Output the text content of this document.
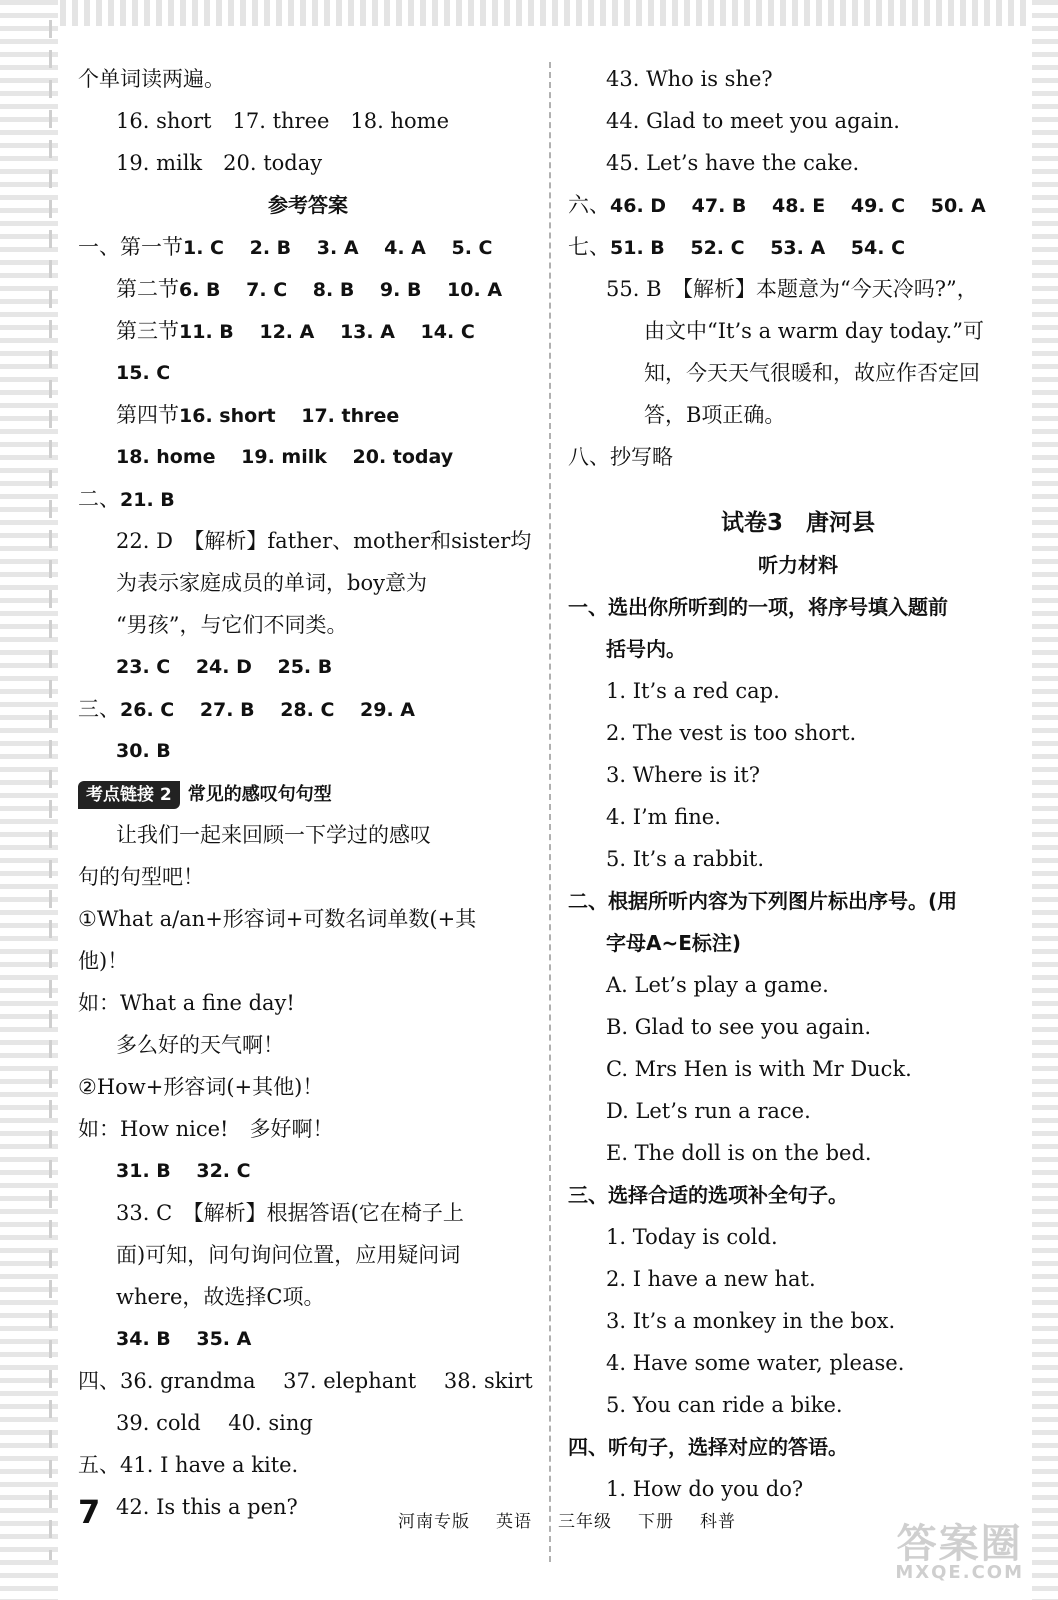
个单词读两遍。
16. short　17. three　18. home
19. milk　20. today
参考答案
一、第一节1. C　 2. B　 3. A　 4. A　 5. C
第二节6. B　 7. C　 8. B　 9. B　 10. A
第三节11. B　 12. A　 13. A　 14. C
15. C
第四节16. short　 17. three
18. home　 19. milk　 20. today
二、21. B
22. D　【解析】father、mother和sister均
为表示家庭成员的单词，boy意为
“男孩”，与它们不同类。
23. C　 24. D　 25. B
三、26. C　 27. B　 28. C　 29. A
30. B
考点链接 2 常见的感叹句句型
让我们一起来回顾一下学过的感叹
句的句型吧！
①What a/an+形容词+可数名词单数(+其
他)！
如：What a fine day!
多么好的天气啊！
②How+形容词(+其他)！
如：How nice!　多好啊！
31. B　 32. C
33. C　【解析】根据答语(它在椅子上
面)可知，问句询问位置，应用疑问词
where，故选择C项。
34. B　 35. A
四、36. grandma　 37. elephant　 38. skirt
39. cold　 40. sing
五、41. I have a kite.
42. Is this a pen?
43. Who is she?
44. Glad to meet you again.
45. Let’s have the cake.
六、46. D　 47. B　 48. E　 49. C　 50. A
七、51. B　 52. C　 53. A　 54. C
55. B　【解析】本题意为“今天冷吗?”，
由文中“It’s a warm day today.”可
知，今天天气很暖和，故应作否定回
答，B项正确。
八、抄写略
试卷3　唐河县
听力材料
一、选出你所听到的一项，将序号填入题前
括号内。
1. It’s a red cap.
2. The vest is too short.
3. Where is it?
4. I’m fine.
5. It’s a rabbit.
二、根据所听内容为下列图片标出序号。(用
字母A~E标注)
A. Let’s play a game.
B. Glad to see you again.
C. Mrs Hen is with Mr Duck.
D. Let’s run a race.
E. The doll is on the bed.
三、选择合适的选项补全句子。
1. Today is cold.
2. I have a new hat.
3. It’s a monkey in the box.
4. Have some water, please.
5. You can ride a bike.
四、听句子，选择对应的答语。
1. How do you do?
7	河南专版 英语 三年级 下册 科普	答案圈
MXQE.COM
